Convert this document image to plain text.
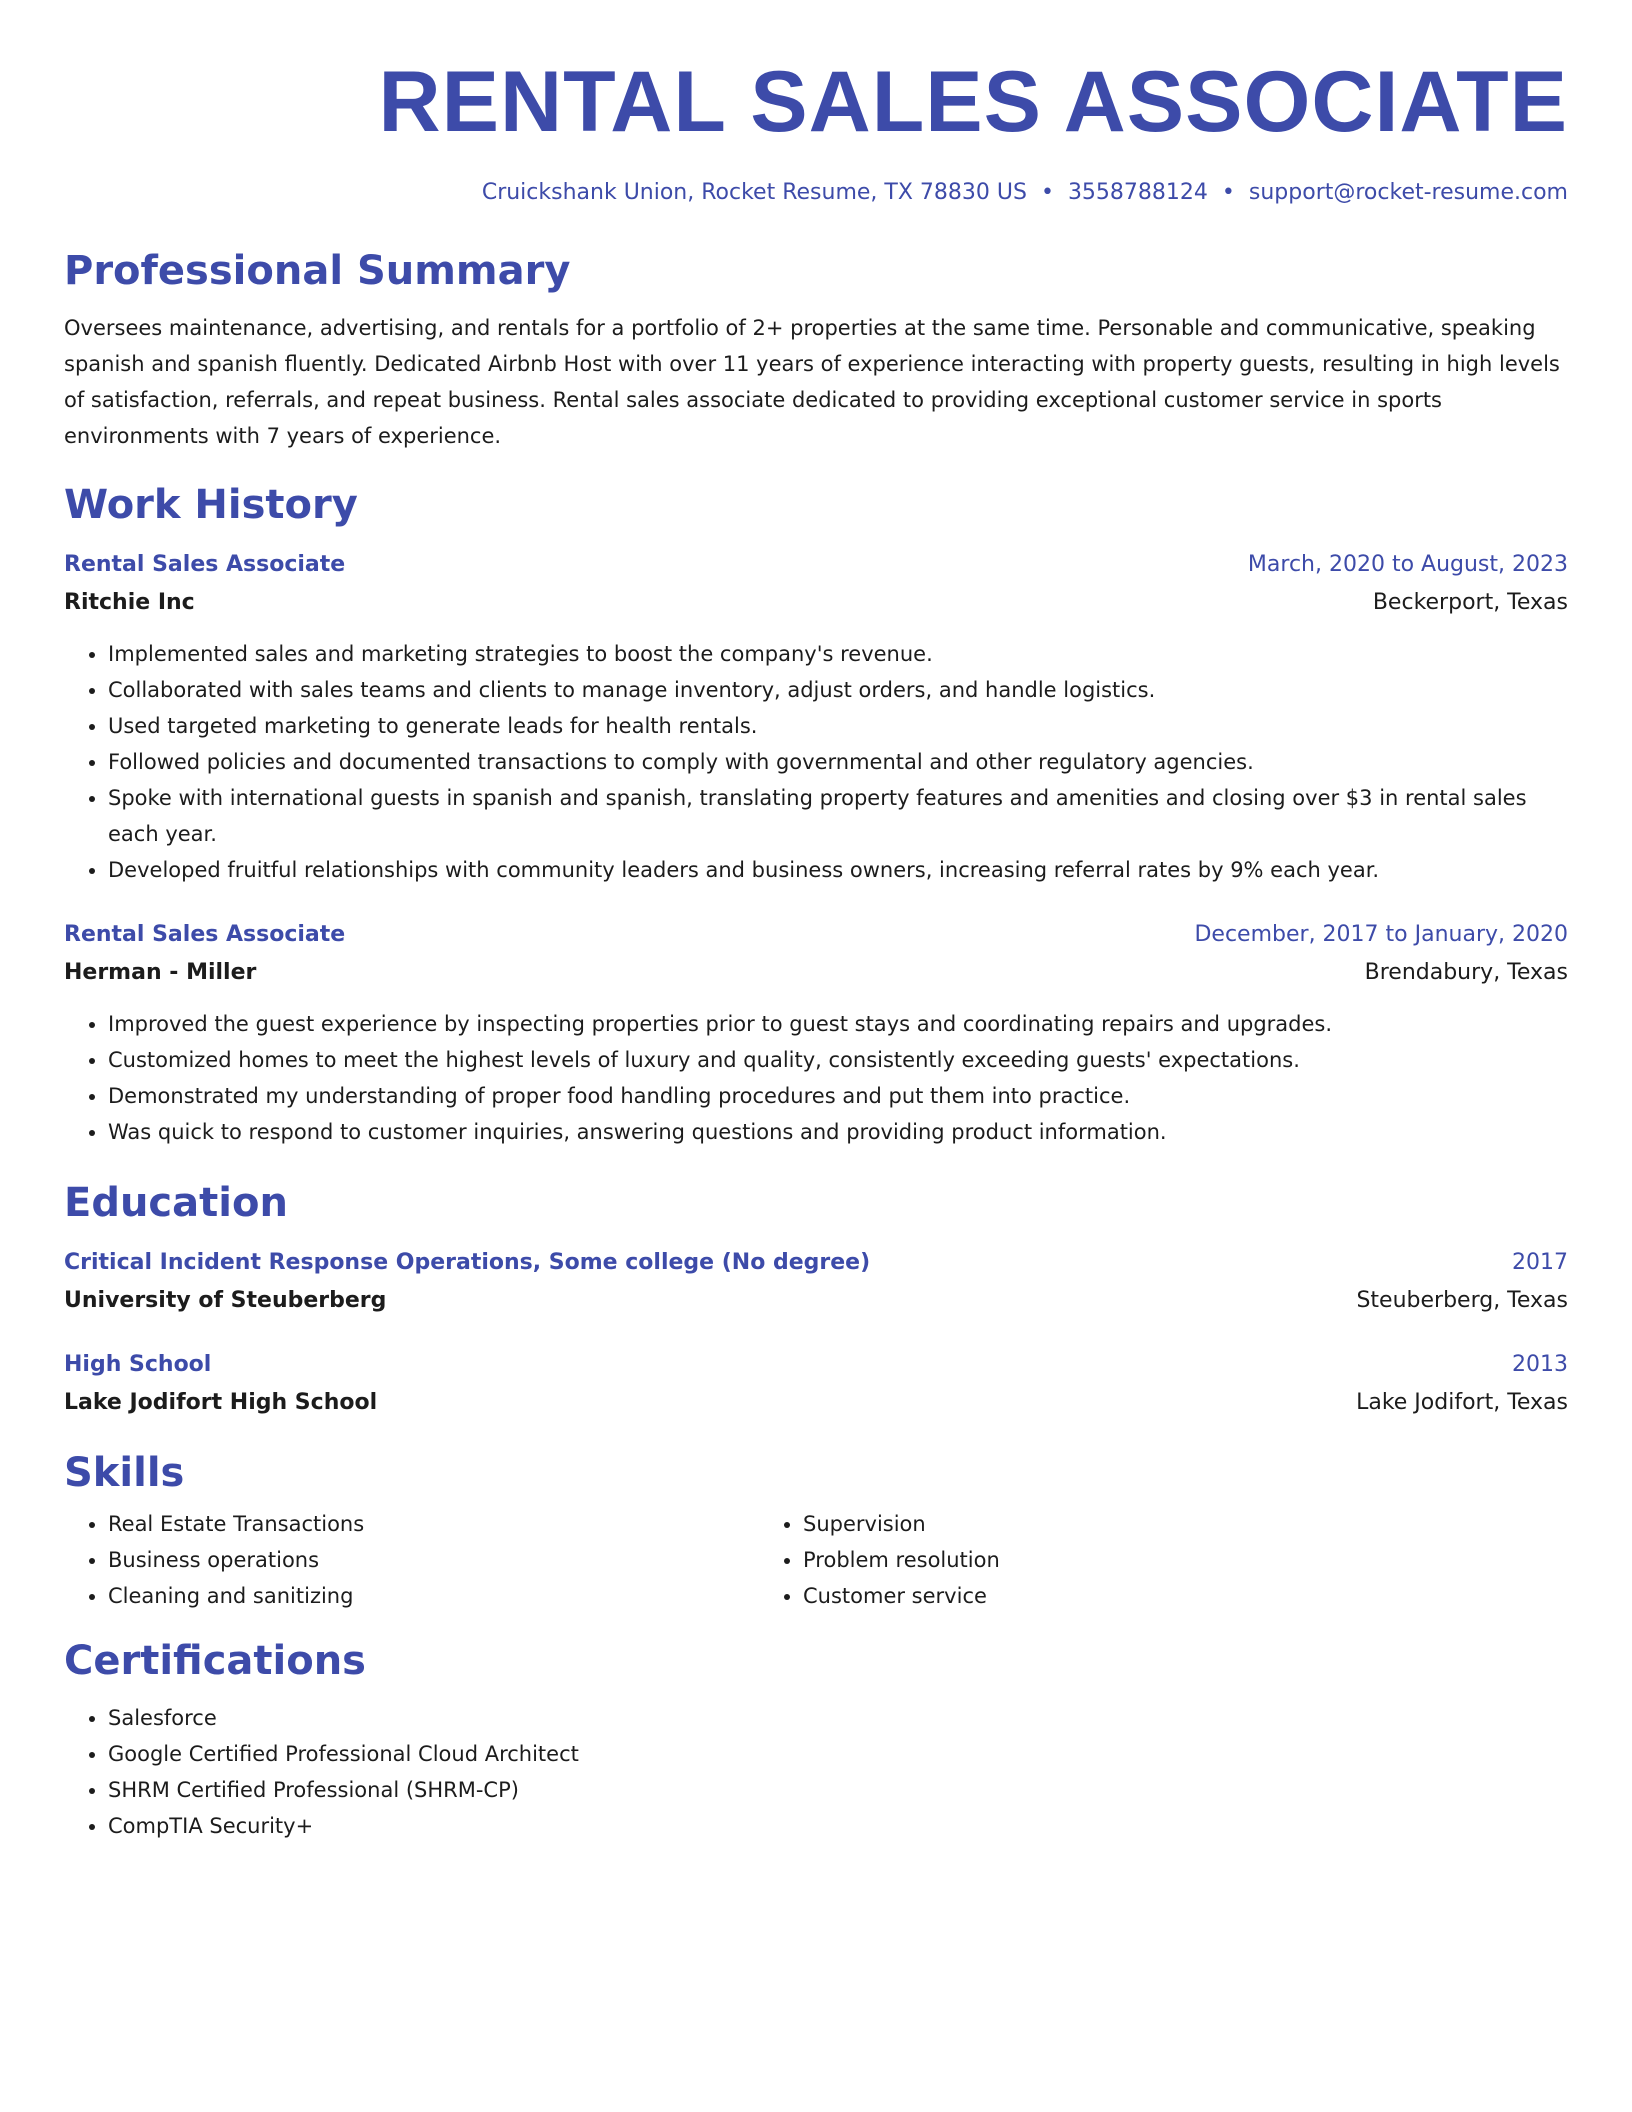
RENTAL SALES ASSOCIATE
Cruickshank Union, Rocket Resume, TX 78830 US • 3558788124 • support@rocket-resume.com
Professional Summary

Oversees maintenance, advertising, and rentals for a portfolio of 2+ properties at the same time. Personable and communicative, speaking spanish and spanish fluently. Dedicated Airbnb Host with over 11 years of experience interacting with property guests, resulting in high levels of satisfaction, referrals, and repeat business. Rental sales associate dedicated to providing exceptional customer service in sports environments with 7 years of experience.

Work History
Rental Sales Associate	March, 2020 to August, 2023
Ritchie Inc	Beckerport, Texas
• Implemented sales and marketing strategies to boost the company's revenue.
• Collaborated with sales teams and clients to manage inventory, adjust orders, and handle logistics.
• Used targeted marketing to generate leads for health rentals.
• Followed policies and documented transactions to comply with governmental and other regulatory agencies.
• Spoke with international guests in spanish and spanish, translating property features and amenities and closing over $3 in rental sales each year.
• Developed fruitful relationships with community leaders and business owners, increasing referral rates by 9% each year.
Rental Sales Associate	December, 2017 to January, 2020
Herman - Miller	Brendabury, Texas
• Improved the guest experience by inspecting properties prior to guest stays and coordinating repairs and upgrades.
• Customized homes to meet the highest levels of luxury and quality, consistently exceeding guests' expectations.
• Demonstrated my understanding of proper food handling procedures and put them into practice.
• Was quick to respond to customer inquiries, answering questions and providing product information.
Education
Critical Incident Response Operations, Some college (No degree)	2017
University of Steuberberg	Steuberberg, Texas
High School	2013
Lake Jodifort High School	Lake Jodifort, Texas
Skills
• Real Estate Transactions
• Business operations
• Cleaning and sanitizing
• Supervision
• Problem resolution
• Customer service
Certifications
• Salesforce
• Google Certified Professional Cloud Architect
• SHRM Certified Professional (SHRM-CP)
• CompTIA Security+
